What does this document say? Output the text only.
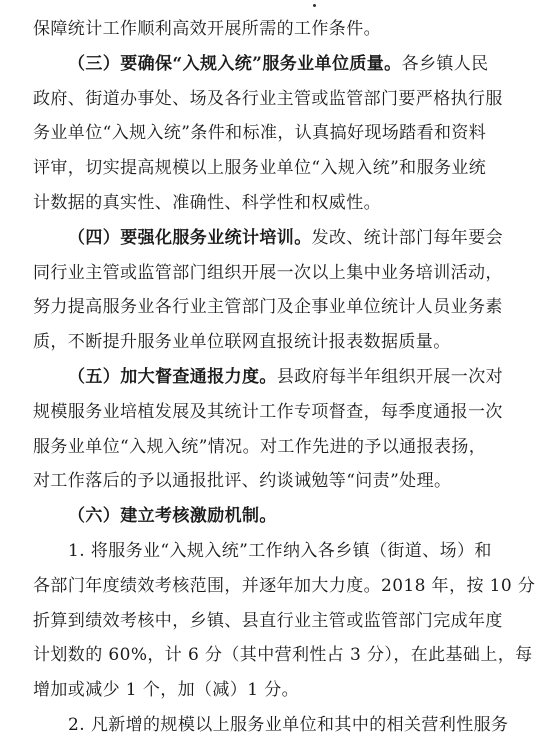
保障统计工作顺利高效开展所需的工作条件。
（三）要确保“入规入统”服务业单位质量。各乡镇人民
政府、街道办事处、场及各行业主管或监管部门要严格执行服
务业单位“入规入统”条件和标准，认真搞好现场踏看和资料
评审，切实提高规模以上服务业单位“入规入统”和服务业统
计数据的真实性、准确性、科学性和权威性。
（四）要强化服务业统计培训。发改、统计部门每年要会
同行业主管或监管部门组织开展一次以上集中业务培训活动，
努力提高服务业各行业主管部门及企事业单位统计人员业务素
质，不断提升服务业单位联网直报统计报表数据质量。
（五）加大督查通报力度。县政府每半年组织开展一次对
规模服务业培植发展及其统计工作专项督查，每季度通报一次
服务业单位“入规入统”情况。对工作先进的予以通报表扬，
对工作落后的予以通报批评、约谈诫勉等“问责”处理。
（六）建立考核激励机制。
1. 将服务业“入规入统”工作纳入各乡镇（街道、场）和
各部门年度绩效考核范围，并逐年加大力度。2018 年，按 10 分
折算到绩效考核中，乡镇、县直行业主管或监管部门完成年度
计划数的 60%，计 6 分（其中营利性占 3 分），在此基础上，每
增加或减少 1 个，加（减）1 分。
2. 凡新增的规模以上服务业单位和其中的相关营利性服务
